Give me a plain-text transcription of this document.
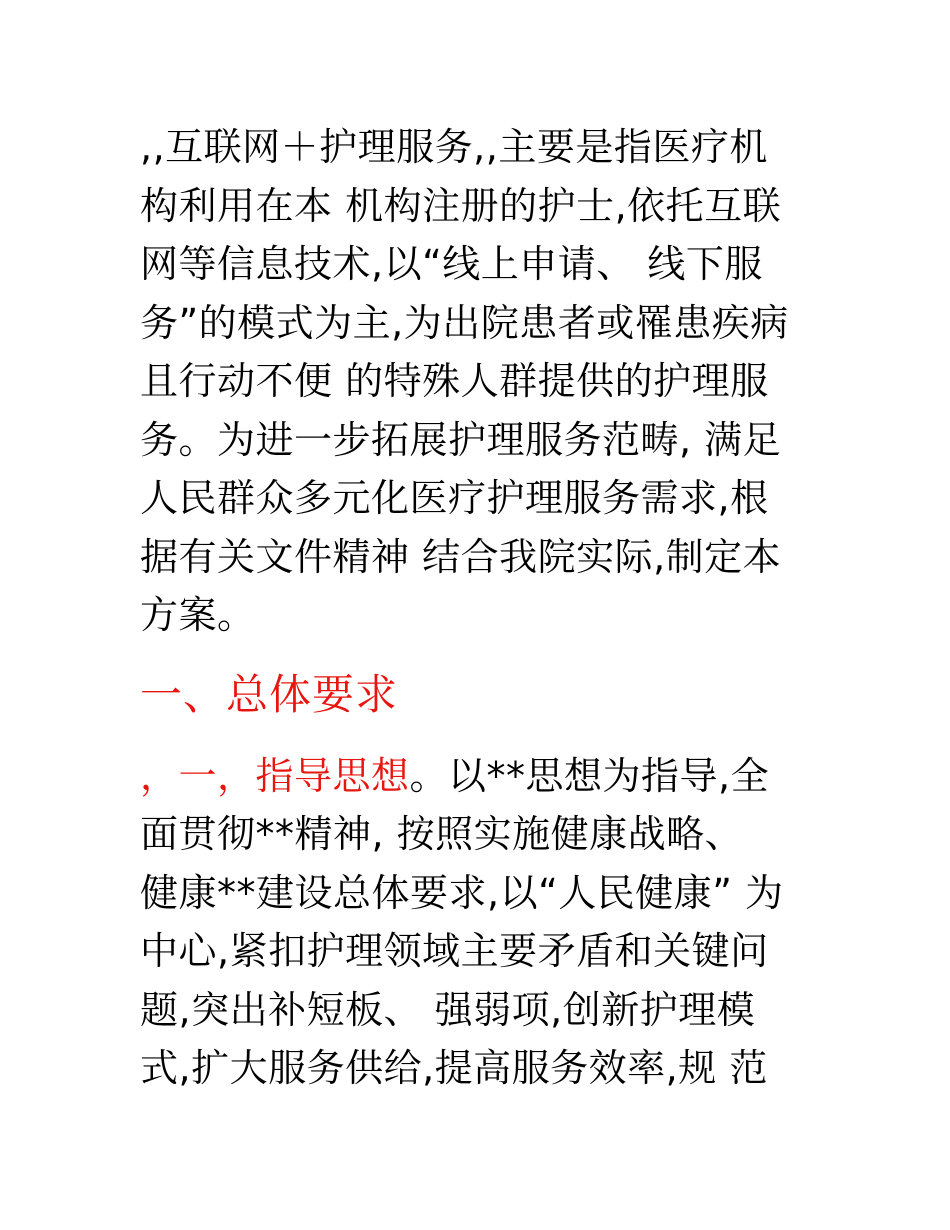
,,互联网＋护理服务,,主要是指医疗机
构利用在本 机构注册的护士,依托互联
网等信息技术,以“线上申请、 线下服
务”的模式为主,为出院患者或罹患疾病
且行动不便 的特殊人群提供的护理服
务。为进一步拓展护理服务范畴, 满足
人民群众多元化医疗护理服务需求,根
据有关文件精神 结合我院实际,制定本
方案。
一、总体要求
，一，指导思想。以**思想为指导,全
面贯彻**精神, 按照实施健康战略、
健康**建设总体要求,以“人民健康” 为
中心,紧扣护理领域主要矛盾和关键问
题,突出补短板、 强弱项,创新护理模
式,扩大服务供给,提高服务效率,规 范
